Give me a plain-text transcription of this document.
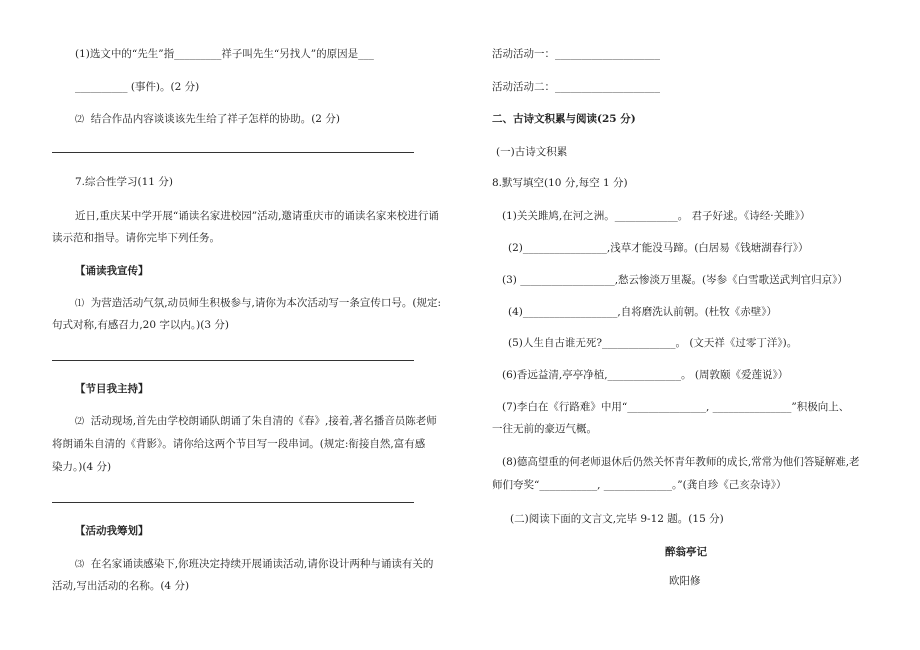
(1)选文中的“先生”指_________祥子叫先生“另找人”的原因是___
__________ (事件)。(2 分)
⑵ 结合作品内容谈谈该先生给了祥子怎样的协助。(2 分)
7.综合性学习(11 分)
近日,重庆某中学开展“诵读名家进校园”活动,邀请重庆市的诵读名家来校进行诵
读示范和指导。请你完毕下列任务。
【诵读我宣传】
⑴ 为营造活动气氛,动员师生积极参与,请你为本次活动写一条宣传口号。(规定:
句式对称,有感召力,20 字以内。)(3 分)
【节目我主持】
⑵ 活动现场,首先由学校朗诵队朗诵了朱自清的《春》,接着,著名播音员陈老师
将朗诵朱自清的《背影》。请你给这两个节目写一段串词。(规定:衔接自然,富有感
染力。)(4 分)
【活动我筹划】
⑶ 在名家诵读感染下,你班决定持续开展诵读活动,请你设计两种与诵读有关的
活动,写出活动的名称。(4 分)
活动活动一：____________________
活动活动二：____________________
二、古诗文积累与阅读(25 分)
(一)古诗文积累
8.默写填空(10 分,每空 1 分)
(1)关关雎鸠,在河之洲。____________。 君子好逑。《诗经·关雎》）
(2)________________,浅草才能没马蹄。(白居易《钱塘湖春行》）
(3) __________________,愁云惨淡万里凝。(岑参《白雪歌送武判官归京》）
(4)__________________,自将磨洗认前朝。(杜牧《赤壁》）
(5)人生自古谁无死?______________。 (文天祥《过零丁洋》)。
(6)香远益清,亭亭净植,______________。 (周敦颐《爱莲说》）
(7)李白在《行路难》中用“_______________, _______________”积极向上、
一往无前的豪迈气概。
(8)德高望重的何老师退休后仍然关怀青年教师的成长,常常为他们答疑解难,老
师们夸奖“___________, _____________。”(龚自珍《己亥杂诗》）
(二)阅读下面的文言文,完毕 9-12 题。(15 分)
醉翁亭记
欧阳修
